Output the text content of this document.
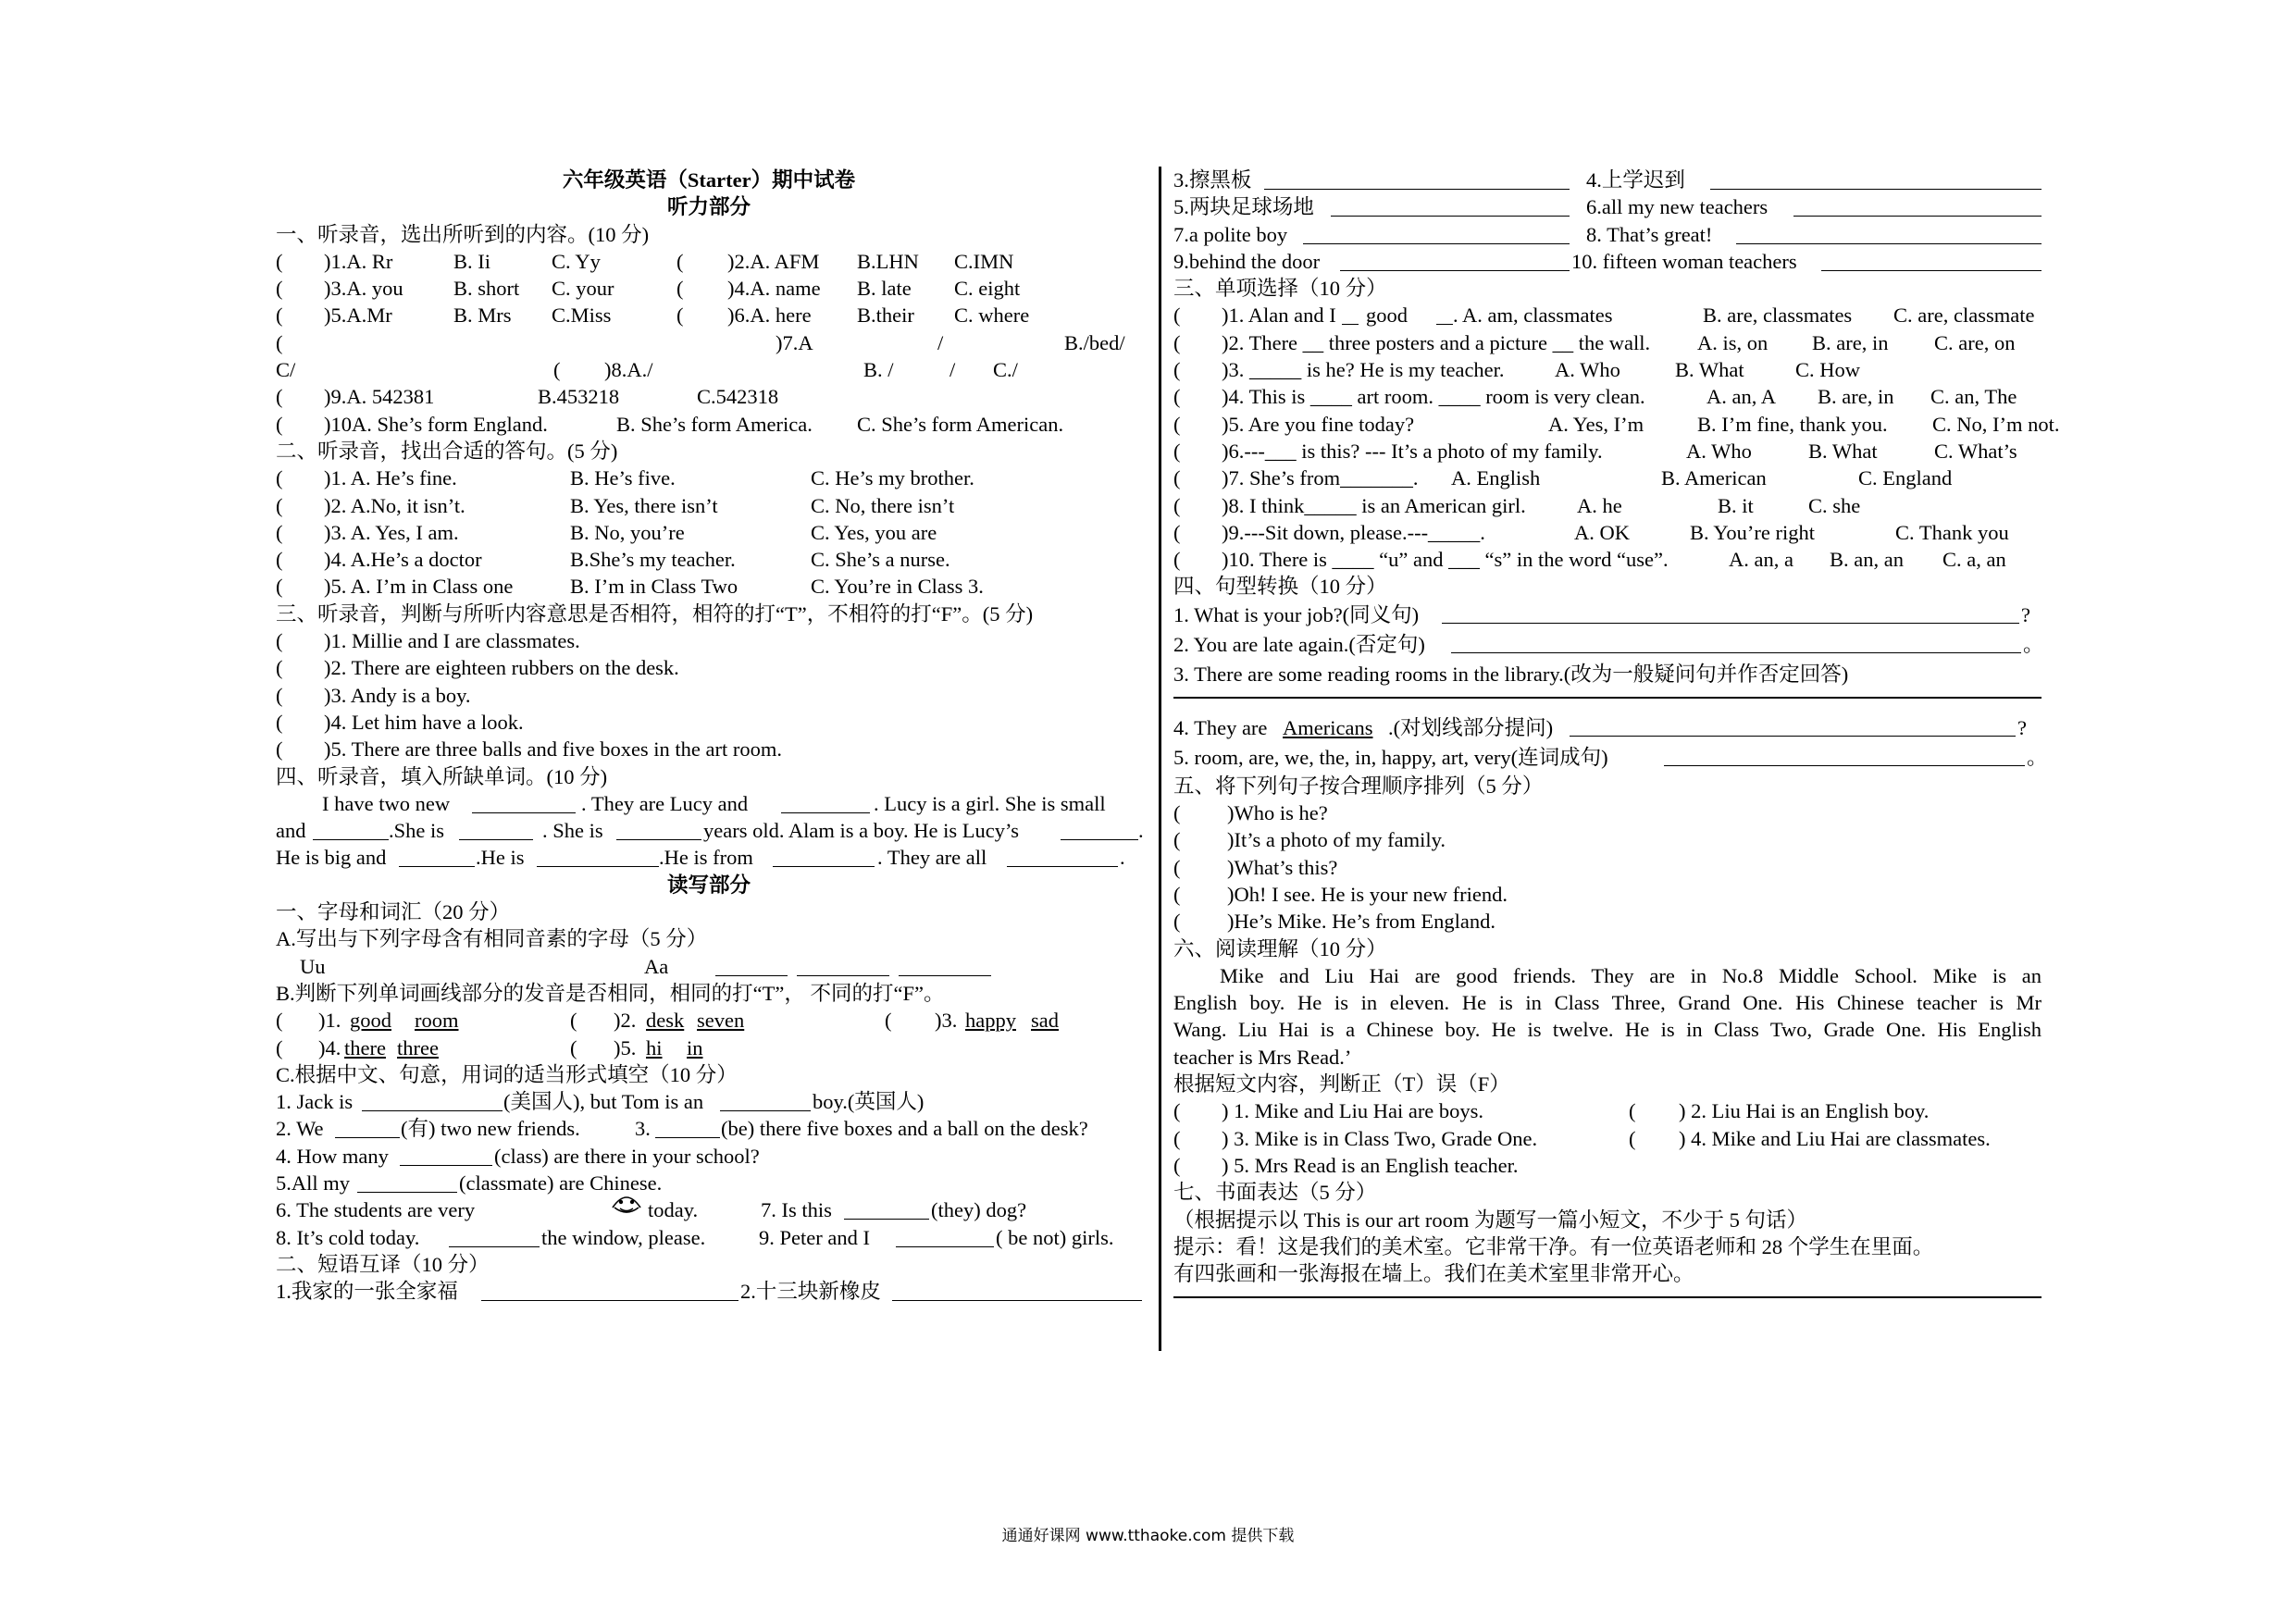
六年级英语（Starter）期中试卷
听力部分
一、听录音，选出所听到的内容。(10 分)
( )1.A. Rr	B. Ii	C. Yy	( )2.A. AFM B.LHN C.IMN
( )3.A. you B. short C. your	( )4.A. name B. late C. eight
( )5.A.Mr	B. Mrs C.Miss	( )6.A. here B.their C. where
(	)7.A	/	B./bed/
C/	( )8.A./	B. /	/ C./
( )9.A. 542381	B.453218	C.542318
( )10A. She’s form England.	B. She’s form America. C. She’s form American.
二、听录音，找出合适的答句。(5 分)
( )1. A. He’s fine.	B. He’s five.	C. He’s my brother.
( )2. A.No, it isn’t.	B. Yes, there isn’t	C. No, there isn’t
( )3. A. Yes, I am.	B. No, you’re	C. Yes, you are
( )4. A.He’s a doctor	B.She’s my teacher.	C. She’s a nurse.
( )5. A. I’m in Class one	B. I’m in Class Two	C. You’re in Class 3.
三、听录音，判断与所听内容意思是否相符，相符的打“T”，不相符的打“F”。(5 分)
( )1. Millie and I are classmates.
( )2. There are eighteen rubbers on the desk.
( )3. Andy is a boy.
( )4. Let him have a look.
( )5. There are three balls and five boxes in the art room.
四、听录音，填入所缺单词。(10 分)
I have two new	. They are Lucy and	. Lucy is a girl. She is small
and	.She is	. She is	years old. Alam is a boy. He is Lucy’s	.
He is big and	.He is	.He is from	. They are all	.
读写部分
一、字母和词汇（20 分）
A.写出与下列字母含有相同音素的字母（5 分）
Uu	Aa
B.判断下列单词画线部分的发音是否相同，相同的打“T”， 不同的打“F”。
( )1. good room	( )2. desk seven	( )3. happy sad
( )4. there three	( )5. hi in
C.根据中文、句意，用词的适当形式填空（10 分）
1. Jack is	(美国人), but Tom is an	boy.(英国人)
2. We	(有) two new friends.	3.	(be) there five boxes and a ball on the desk?
4. How many	(class) are there in your school?
5.All my	(classmate) are Chinese.
6. The students are very	today.	7. Is this	(they) dog?
8. It’s cold today.	the window, please.	9. Peter and I	( be not) girls.
二、短语互译（10 分）
1.我家的一张全家福	2.十三块新橡皮
3.擦黑板	4.上学迟到
5.两块足球场地	6.all my new teachers
7.a polite boy	8. That’s great!
9.behind the door	10. fifteen woman teachers
三、单项选择（10 分）
( )1. Alan and I good . A. am, classmates	B. are, classmates C. are, classmate
( )2. There __ three posters and a picture __ the wall. A. is, on B. are, in C. are, on
( )3. _____ is he? He is my teacher. A. Who	B. What C. How
( )4. This is ____ art room. ____ room is very clean.	A. an, A B. are, in C. an, The
( )5. Are you fine today?	A. Yes, I’m	B. I’m fine, thank you. C. No, I’m not.
( )6.---___ is this? --- It’s a photo of my family.	A. Who	B. What	C. What’s
( )7. She’s from_______. A. English	B. American	C. England
( )8. I think_____ is an American girl. A. he	B. it	C. she
( )9.---Sit down, please.---_____.	A. OK	B. You’re right	C. Thank you
( )10. There is ____ “u” and ___ “s” in the word “use”.	A. an, a B. an, an C. a, an
四、句型转换（10 分）
1. What is your job?(同义句)	?
2. You are late again.(否定句)	。
3. There are some reading rooms in the library.(改为一般疑问句并作否定回答)
4. They are Americans .(对划线部分提问)	?
5. room, are, we, the, in, happy, art, very(连词成句)	。
五、将下列句子按合理顺序排列（5 分）
( )Who is he?
( )It’s a photo of my family.
( )What’s this?
( )Oh! I see. He is your new friend.
( )He’s Mike. He’s from England.
六、阅读理解（10 分）
Mike and Liu Hai are good friends. They are in No.8 Middle School. Mike is an
English boy. He is in eleven. He is in Class Three, Grand One. His Chinese teacher is Mr
Wang. Liu Hai is a Chinese boy. He is twelve. He is in Class Two, Grade One. His English
teacher is Mrs Read.’
根据短文内容，判断正（T）误（F）
( ) 1. Mike and Liu Hai are boys.	( ) 2. Liu Hai is an English boy.
( ) 3. Mike is in Class Two, Grade One.	( ) 4. Mike and Liu Hai are classmates.
( ) 5. Mrs Read is an English teacher.
七、书面表达（5 分）
（根据提示以 This is our art room 为题写一篇小短文，不少于 5 句话）
提示：看！这是我们的美术室。它非常干净。有一位英语老师和 28 个学生在里面。
有四张画和一张海报在墙上。我们在美术室里非常开心。
通通好课网 www.tthaoke.com 提供下载
